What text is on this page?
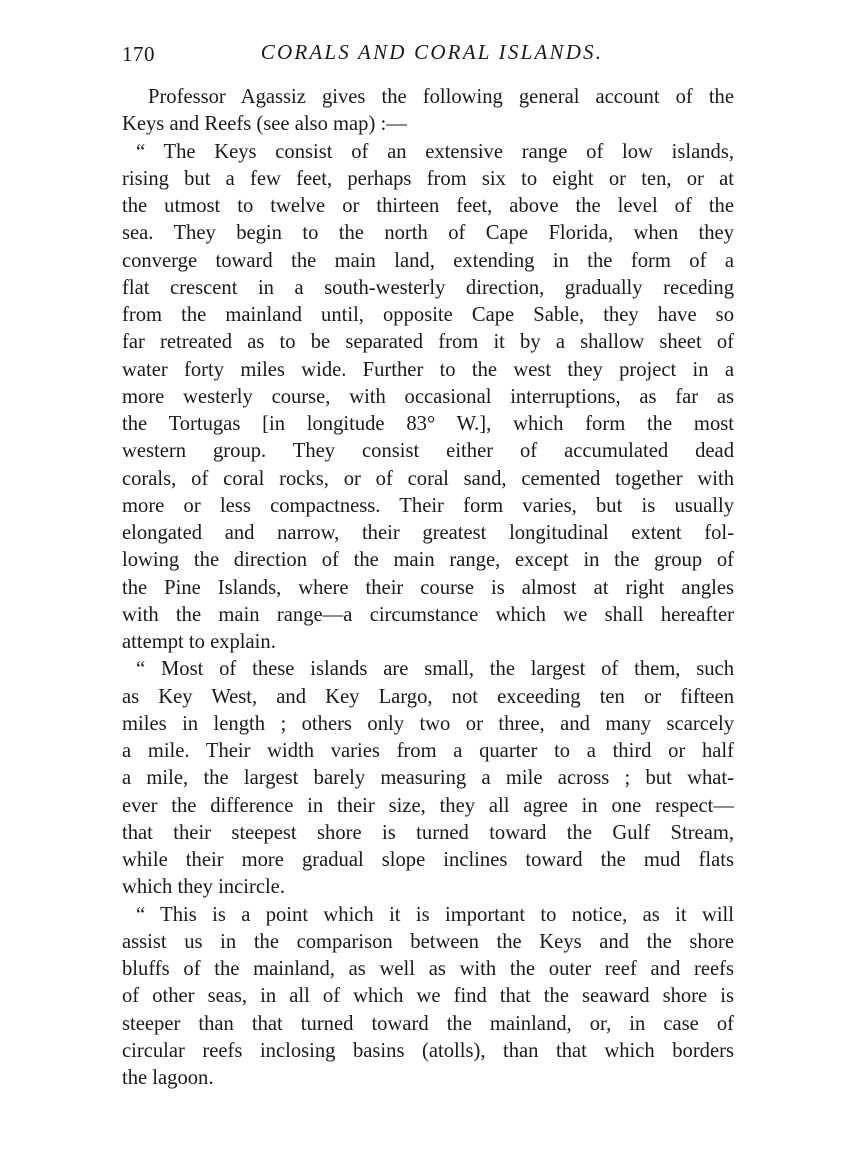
170	CORALS AND CORAL ISLANDS.
Professor Agassiz gives the following general account of the
Keys and Reefs (see also map) :—
“ The Keys consist of an extensive range of low islands,
rising but a few feet, perhaps from six to eight or ten, or at
the utmost to twelve or thirteen feet, above the level of the
sea. They begin to the north of Cape Florida, when they
converge toward the main land, extending in the form of a
flat crescent in a south-westerly direction, gradually receding
from the mainland until, opposite Cape Sable, they have so
far retreated as to be separated from it by a shallow sheet of
water forty miles wide. Further to the west they project in a
more westerly course, with occasional interruptions, as far as
the Tortugas [in longitude 83° W.], which form the most
western group. They consist either of accumulated dead
corals, of coral rocks, or of coral sand, cemented together with
more or less compactness. Their form varies, but is usually
elongated and narrow, their greatest longitudinal extent fol-
lowing the direction of the main range, except in the group of
the Pine Islands, where their course is almost at right angles
with the main range—a circumstance which we shall hereafter
attempt to explain.
“ Most of these islands are small, the largest of them, such
as Key West, and Key Largo, not exceeding ten or fifteen
miles in length ; others only two or three, and many scarcely
a mile. Their width varies from a quarter to a third or half
a mile, the largest barely measuring a mile across ; but what-
ever the difference in their size, they all agree in one respect—
that their steepest shore is turned toward the Gulf Stream,
while their more gradual slope inclines toward the mud flats
which they incircle.
“ This is a point which it is important to notice, as it will
assist us in the comparison between the Keys and the shore
bluffs of the mainland, as well as with the outer reef and reefs
of other seas, in all of which we find that the seaward shore is
steeper than that turned toward the mainland, or, in case of
circular reefs inclosing basins (atolls), than that which borders
the lagoon.
